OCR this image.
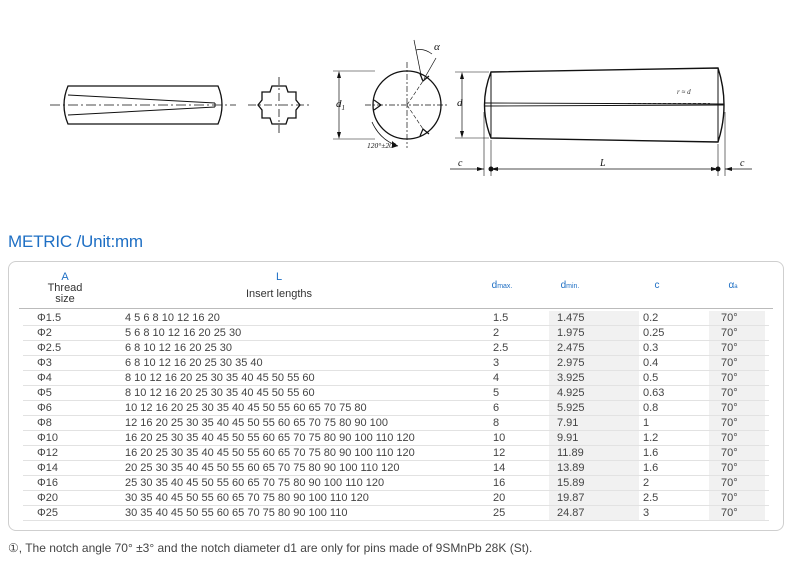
α
$d_1$
120°±20°
d
c	L	c
r ≈ d
METRIC /Unit:mm
A
Thread
size
L
Insert lengths
dmax.	dmin.	c	αa
Φ1.5	4 5 6 8 10 12 16 20	1.5	1.475	0.2	70°
Φ2	5 6 8 10 12 16 20 25 30	2	1.975	0.25	70°
Φ2.5	6 8 10 12 16 20 25 30	2.5	2.475	0.3	70°
Φ3	6 8 10 12 16 20 25 30 35 40	3	2.975	0.4	70°
Φ4	8 10 12 16 20 25 30 35 40 45 50 55 60	4	3.925	0.5	70°
Φ5	8 10 12 16 20 25 30 35 40 45 50 55 60	5	4.925	0.63	70°
Φ6	10 12 16 20 25 30 35 40 45 50 55 60 65 70 75 80	6	5.925	0.8	70°
Φ8	12 16 20 25 30 35 40 45 50 55 60 65 70 75 80 90 100	8	7.91	1	70°
Φ10	16 20 25 30 35 40 45 50 55 60 65 70 75 80 90 100 110 120	10	9.91	1.2	70°
Φ12	16 20 25 30 35 40 45 50 55 60 65 70 75 80 90 100 110 120	12	11.89	1.6	70°
Φ14	20 25 30 35 40 45 50 55 60 65 70 75 80 90 100 110 120	14	13.89	1.6	70°
Φ16	25 30 35 40 45 50 55 60 65 70 75 80 90 100 110 120	16	15.89	2	70°
Φ20	30 35 40 45 50 55 60 65 70 75 80 90 100 110 120	20	19.87	2.5	70°
Φ25	30 35 40 45 50 55 60 65 70 75 80 90 100 110	25	24.87	3	70°
①, The notch angle 70° ±3° and the notch diameter d1 are only for pins made of 9SMnPb 28K (St).
